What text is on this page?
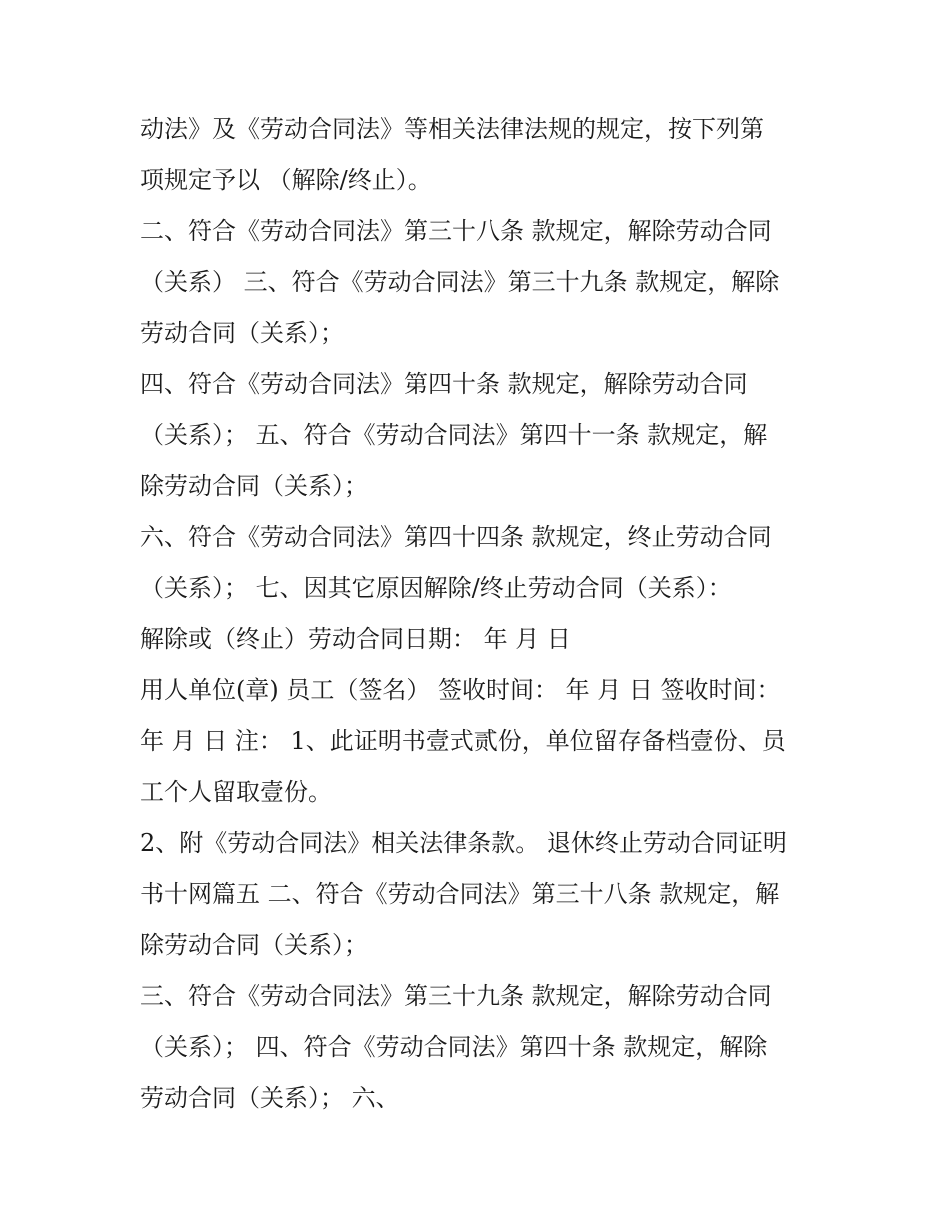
动法》及《劳动合同法》等相关法律法规的规定，按下列第
项规定予以 （解除/终止）。
二、符合《劳动合同法》第三十八条 款规定，解除劳动合同
（关系） 三、符合《劳动合同法》第三十九条 款规定，解除
劳动合同（关系）；
四、符合《劳动合同法》第四十条 款规定，解除劳动合同
（关系）； 五、符合《劳动合同法》第四十一条 款规定，解
除劳动合同（关系）；
六、符合《劳动合同法》第四十四条 款规定，终止劳动合同
（关系）； 七、因其它原因解除/终止劳动合同（关系）：
解除或（终止）劳动合同日期： 年 月 日
用人单位(章) 员工（签名） 签收时间： 年 月 日 签收时间：
年 月 日 注： 1、此证明书壹式贰份，单位留存备档壹份、员
工个人留取壹份。
2、附《劳动合同法》相关法律条款。 退休终止劳动合同证明
书十网篇五 二、符合《劳动合同法》第三十八条 款规定，解
除劳动合同（关系）；
三、符合《劳动合同法》第三十九条 款规定，解除劳动合同
（关系）； 四、符合《劳动合同法》第四十条 款规定，解除
劳动合同（关系）； 六、
